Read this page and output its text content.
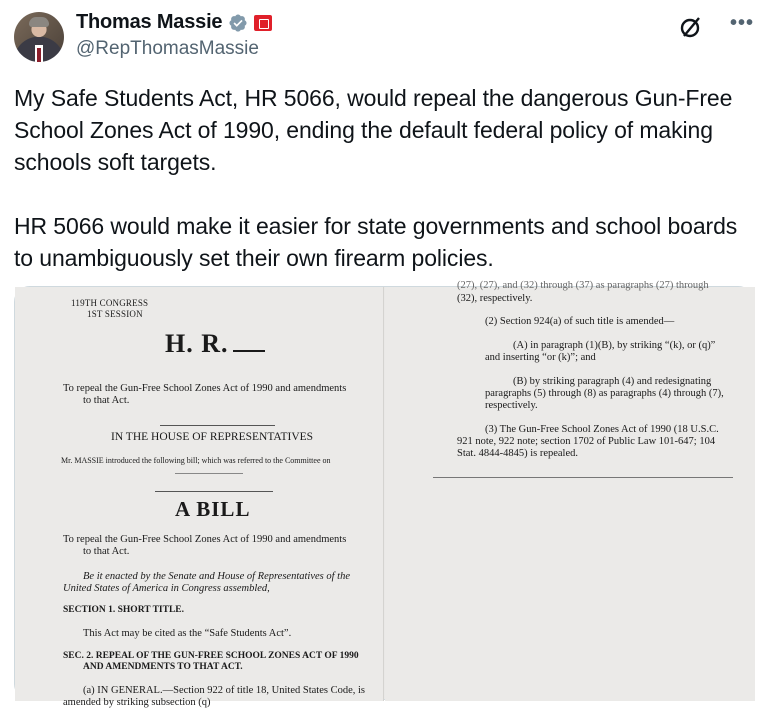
Thomas Massie
@RepThomasMassie
•••
My Safe Students Act, HR 5066, would repeal the dangerous Gun-Free School Zones Act of 1990, ending the default federal policy of making schools soft targets.

HR 5066 would make it easier for state governments and school boards to unambiguously set their own firearm policies.
119TH CONGRESS
1ST SESSION
H. R.
To repeal the Gun-Free School Zones Act of 1990 and amendments
to that Act.
IN THE HOUSE OF REPRESENTATIVES
Mr. MASSIE introduced the following bill; which was referred to the Committee on
A BILL
To repeal the Gun-Free School Zones Act of 1990 and amendments
to that Act.
Be it enacted by the Senate and House of Representatives of the
United States of America in Congress assembled,
SECTION 1. SHORT TITLE.
This Act may be cited as the “Safe Students Act”.
SEC. 2. REPEAL OF THE GUN-FREE SCHOOL ZONES ACT OF 1990
AND AMENDMENTS TO THAT ACT.
(a) IN GENERAL.—Section 922 of title 18, United States Code, is
amended by striking subsection (q)
(27), (27), and (32) through (37) as paragraphs (27) through
(32), respectively.
(2) Section 924(a) of such title is amended—
(A) in paragraph (1)(B), by striking “(k), or (q)”
and inserting “or (k)”; and
(B) by striking paragraph (4) and redesignating
paragraphs (5) through (8) as paragraphs (4) through (7),
respectively.
(3) The Gun-Free School Zones Act of 1990 (18 U.S.C.
921 note, 922 note; section 1702 of Public Law 101-647; 104
Stat. 4844-4845) is repealed.
